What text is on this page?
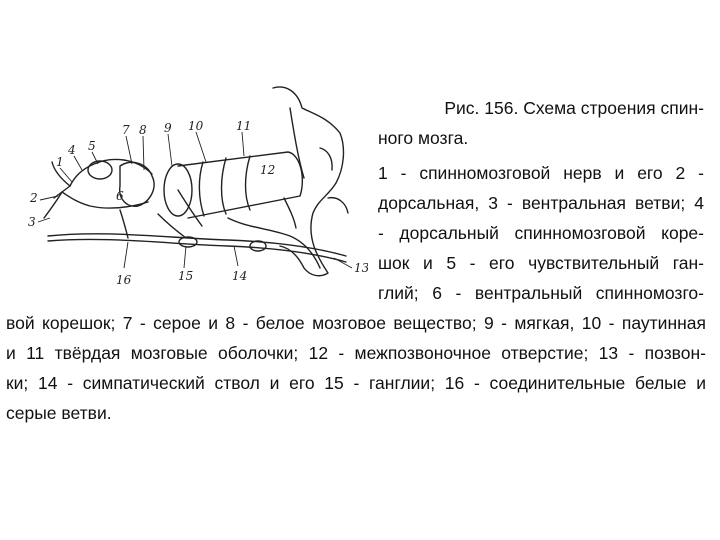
1
2
3
4 5
6
7 8 9 10	11
12
13
14
15
16

Рис. 156. Схема строения спин-

ного мозга.

1 - спинномозговой нерв и его 2 -

дорсальная, 3 - вентральная ветви; 4

- дорсальный спинномозговой коре-

шок и 5 - его чувствительный ган-

глий; 6 - вентральный спинномозго-

вой корешок; 7 - серое и 8 - белое мозговое вещество; 9 - мягкая, 10 - паутинная

и 11 твёрдая мозговые оболочки; 12 - межпозвоночное отверстие; 13 - позвон-

ки; 14 - симпатический ствол и его 15 - ганглии; 16 - соединительные белые и

серые ветви.
